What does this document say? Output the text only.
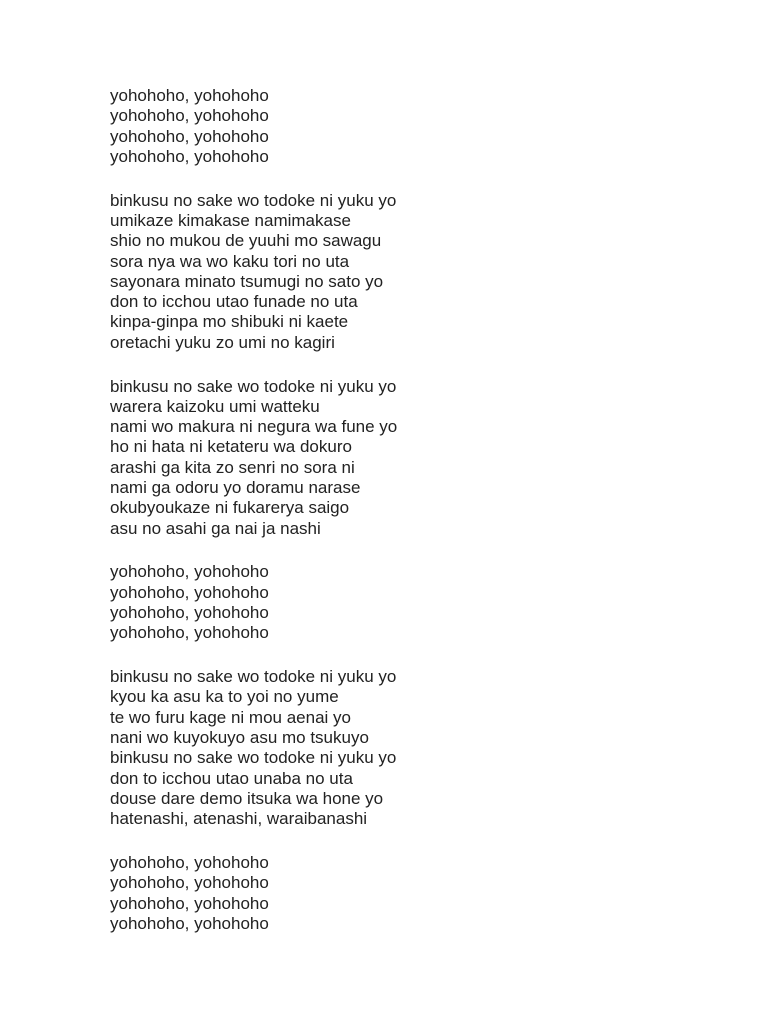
yohohoho, yohohoho
yohohoho, yohohoho
yohohoho, yohohoho
yohohoho, yohohoho
binkusu no sake wo todoke ni yuku yo
umikaze kimakase namimakase
shio no mukou de yuuhi mo sawagu
sora nya wa wo kaku tori no uta
sayonara minato tsumugi no sato yo
don to icchou utao funade no uta
kinpa-ginpa mo shibuki ni kaete
oretachi yuku zo umi no kagiri
binkusu no sake wo todoke ni yuku yo
warera kaizoku umi watteku
nami wo makura ni negura wa fune yo
ho ni hata ni ketateru wa dokuro
arashi ga kita zo senri no sora ni
nami ga odoru yo doramu narase
okubyoukaze ni fukarerya saigo
asu no asahi ga nai ja nashi
yohohoho, yohohoho
yohohoho, yohohoho
yohohoho, yohohoho
yohohoho, yohohoho
binkusu no sake wo todoke ni yuku yo
kyou ka asu ka to yoi no yume
te wo furu kage ni mou aenai yo
nani wo kuyokuyo asu mo tsukuyo
binkusu no sake wo todoke ni yuku yo
don to icchou utao unaba no uta
douse dare demo itsuka wa hone yo
hatenashi, atenashi, waraibanashi
yohohoho, yohohoho
yohohoho, yohohoho
yohohoho, yohohoho
yohohoho, yohohoho
